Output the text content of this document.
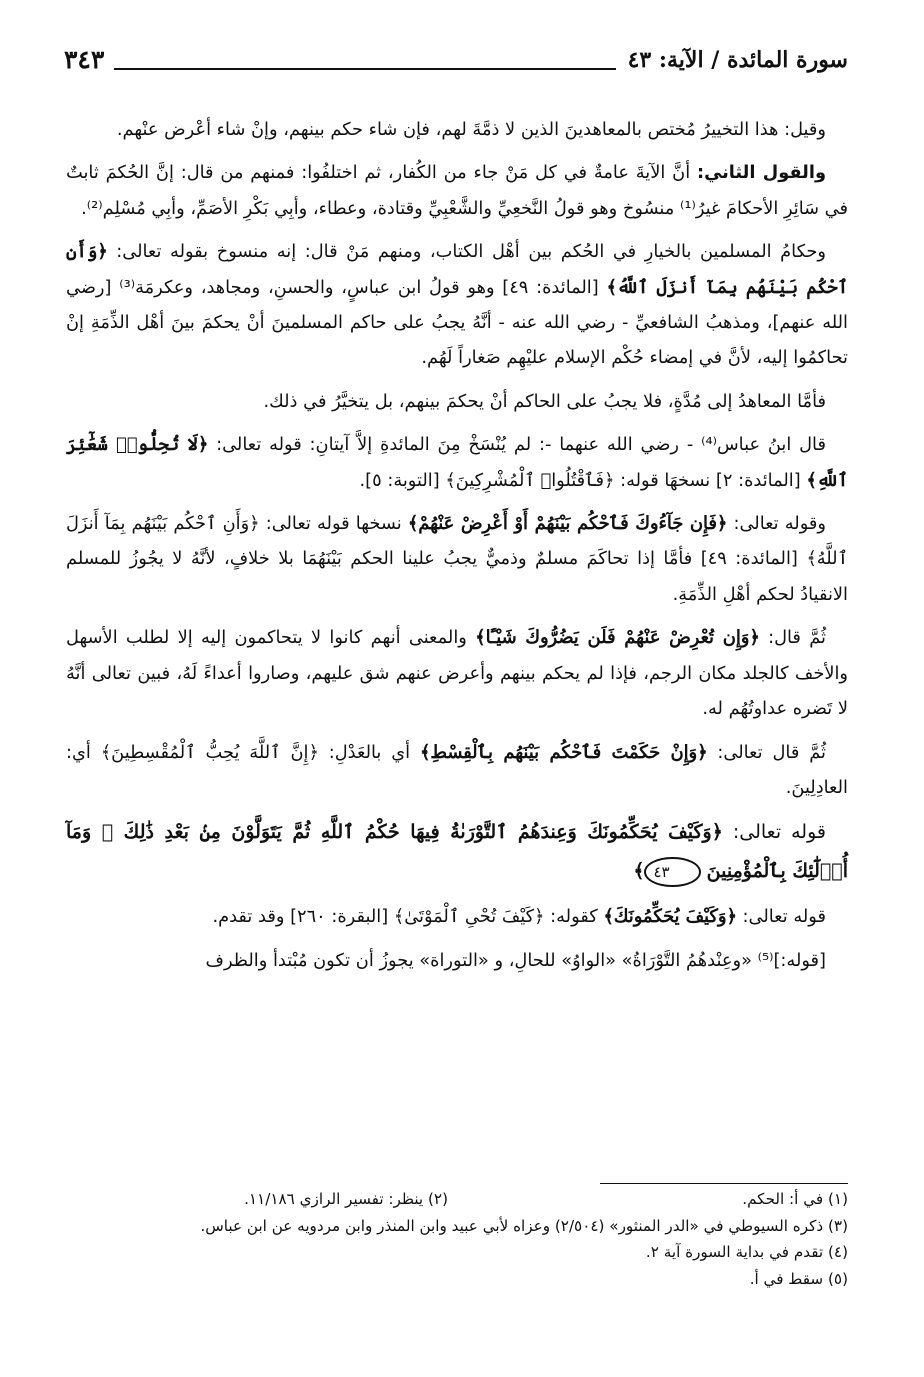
٣٤٣	سورة المائدة / الآية: ٤٣

وقيل: هذا التخييرُ مُختص بالمعاهدينَ الذين لا ذمَّةَ لهم، فإن شاء حكم بينهم، وإنْ شاء أعْرض عنْهم.

والقول الثاني: أنَّ الآيةَ عامةٌ في كل مَنْ جاء من الكُفار، ثم اختلفُوا: فمنهم من قال: إنَّ الحُكمَ ثابتٌ في سَائِرِ الأحكامَ غيرُ⁽¹⁾ منسُوخ وهو قولُ النَّخعِيِّ والشَّعْبِيِّ وقتادة، وعطاء، وأبِي بَكْرِ الأصَمِّ، وأبِي مُسْلِم⁽²⁾.

وحكامُ المسلمين بالخيارِ في الحُكم بين أهْل الكتاب، ومنهم مَنْ قال: إنه منسوخ بقوله تعالى: ﴿وَأَنِ ٱحْكُم بَيْنَهُم بِمَآ أَنزَلَ ٱللَّهُ﴾ [المائدة: ٤٩] وهو قولُ ابن عباسٍ، والحسنِ، ومجاهد، وعكرمَة⁽³⁾ [رضي الله عنهم]، ومذهبُ الشافعيِّ - رضي الله عنه - أنَّهُ يجبُ على حاكم المسلمينَ أنْ يحكمَ بينَ أهْل الذِّمَةِ إنْ تحاكمُوا إليه، لأنَّ في إمضاء حُكْم الإسلام عليْهِم صَغاراً لَهُم.

فأمَّا المعاهدُ إلى مُدَّةٍ، فلا يجبُ على الحاكم أنْ يحكمَ بينهم، بل يتخيَّرُ في ذلك.

قال ابنُ عباس⁽⁴⁾ - رضي الله عنهما -: لم يُنْسَخْ مِنَ المائدةِ إلاَّ آيتانِ: قوله تعالى: ﴿لَا تُحِلُّوا۟ شَعَٰٓئِرَ ٱللَّهِ﴾ [المائدة: ٢] نسخهَا قوله: ﴿فَٱقْتُلُوا۟ ٱلْمُشْرِكِينَ﴾ [التوبة: ٥].

وقوله تعالى: ﴿فَإِن جَآءُوكَ فَٱحْكُم بَيْنَهُمْ أَوْ أَعْرِضْ عَنْهُمْ﴾ نسخها قوله تعالى: ﴿وَأَنِ ٱحْكُم بَيْنَهُم بِمَآ أَنزَلَ ٱللَّهُ﴾ [المائدة: ٤٩] فأمَّا إذا تحاكَمَ مسلمٌ وذميٌّ يجبُ علينا الحكم بَيْنَهُمَا بلا خلافٍ، لأنَّهُ لا يجُوزُ للمسلم الانقيادُ لحكم أهْلِ الذِّمَةِ.

ثُمَّ قال: ﴿وَإِن تُعْرِضْ عَنْهُمْ فَلَن يَضُرُّوكَ شَيْـًٔا﴾ والمعنى أنهم كانوا لا يتحاكمون إليه إلا لطلب الأسهل والأخف كالجلد مكان الرجم، فإذا لم يحكم بينهم وأعرض عنهم شق عليهم، وصاروا أعداءً لَهُ، فبين تعالى أنَّهُ لا تَضره عداوتُهُم له.

ثُمَّ قال تعالى: ﴿وَإِنْ حَكَمْتَ فَٱحْكُم بَيْنَهُم بِٱلْقِسْطِ﴾ أي بالعَدْلِ: ﴿إِنَّ ٱللَّهَ يُحِبُّ ٱلْمُقْسِطِينَ﴾ أي: العادِلِينَ.

قوله تعالى: ﴿وَكَيْفَ يُحَكِّمُونَكَ وَعِندَهُمُ ٱلتَّوْرَىٰةُ فِيهَا حُكْمُ ٱللَّهِ ثُمَّ يَتَوَلَّوْنَ مِنۢ بَعْدِ ذَٰلِكَ ۚ وَمَآ أُو۟لَٰٓئِكَ بِٱلْمُؤْمِنِينَ ٤٣﴾

قوله تعالى: ﴿وَكَيْفَ يُحَكِّمُونَكَ﴾ كقوله: ﴿كَيْفَ تُحْىِ ٱلْمَوْتَىٰ﴾ [البقرة: ٢٦٠] وقد تقدم.

[قوله:]⁽⁵⁾ «وعِنْدهُمُ التَّوْرَاةُ» «الواوُ» للحالِ، و «التوراة» يجوزُ أن تكون مُبْتدأ والظرف

(١) في أ: الحكم.
(٢) ينظر: تفسير الرازي ١١/١٨٦.
(٣) ذكره السيوطي في «الدر المنثور» (٢/٥٠٤) وعزاه لأبي عبيد وابن المنذر وابن مردويه عن ابن عباس.
(٤) تقدم في بداية السورة آية ٢.
(٥) سقط في أ.
